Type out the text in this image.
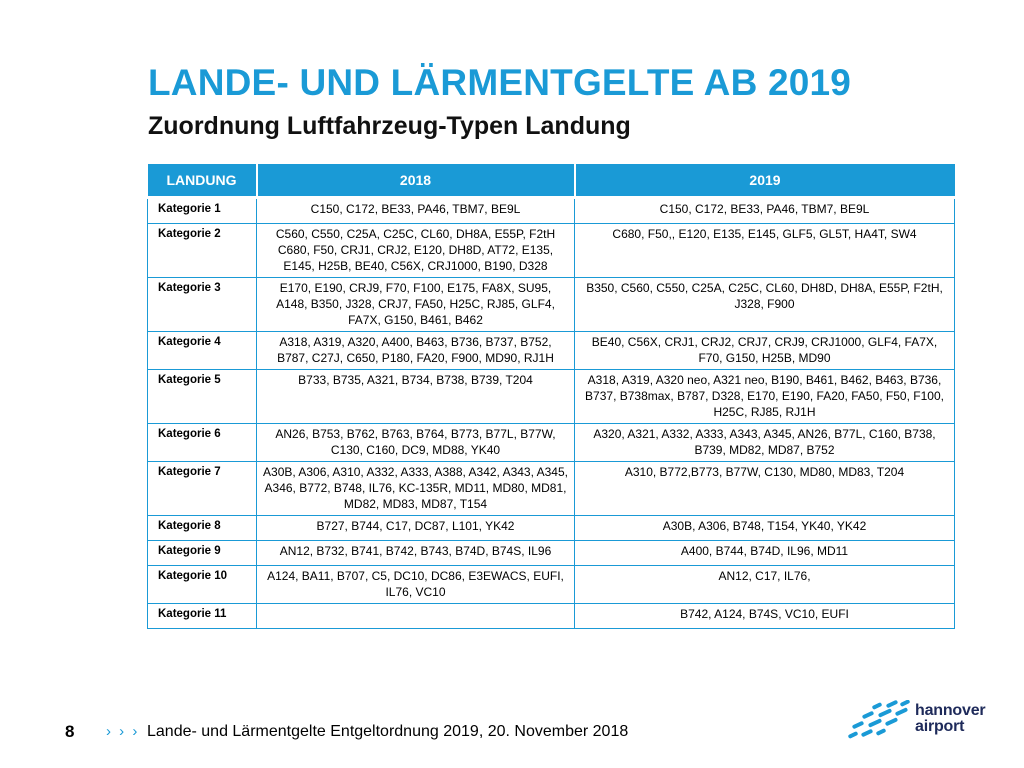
LANDE- UND LÄRMENTGELTE AB 2019
Zuordnung Luftfahrzeug-Typen Landung
LANDUNG	2018	2019
Kategorie 1	C150, C172, BE33, PA46, TBM7, BE9L	C150, C172, BE33, PA46, TBM7, BE9L
Kategorie 2	C560, C550, C25A, C25C, CL60, DH8A, E55P, F2tH C680, F50, CRJ1, CRJ2, E120, DH8D, AT72, E135, E145, H25B, BE40, C56X, CRJ1000, B190, D328	C680, F50,, E120, E135, E145, GLF5, GL5T, HA4T, SW4
Kategorie 3	E170, E190, CRJ9, F70, F100, E175, FA8X, SU95, A148, B350, J328, CRJ7, FA50, H25C, RJ85, GLF4, FA7X, G150, B461, B462	B350, C560, C550, C25A, C25C, CL60, DH8D, DH8A, E55P, F2tH, J328, F900
Kategorie 4	A318, A319, A320, A400, B463, B736, B737, B752, B787, C27J, C650, P180, FA20, F900, MD90, RJ1H	BE40, C56X, CRJ1, CRJ2, CRJ7, CRJ9, CRJ1000, GLF4, FA7X, F70, G150, H25B, MD90
Kategorie 5	B733, B735, A321, B734, B738, B739, T204	A318, A319, A320 neo, A321 neo, B190, B461, B462, B463, B736, B737, B738max, B787, D328, E170, E190, FA20, FA50, F50, F100, H25C, RJ85, RJ1H
Kategorie 6	AN26, B753, B762, B763, B764, B773, B77L, B77W, C130, C160, DC9, MD88, YK40	A320, A321, A332, A333, A343, A345, AN26, B77L, C160, B738, B739, MD82, MD87, B752
Kategorie 7	A30B, A306, A310, A332, A333, A388, A342, A343, A345, A346, B772, B748, IL76, KC-135R, MD11, MD80, MD81, MD82, MD83, MD87, T154	A310, B772,B773, B77W, C130, MD80, MD83, T204
Kategorie 8	B727, B744, C17, DC87, L101, YK42	A30B, A306, B748, T154, YK40, YK42
Kategorie 9	AN12, B732, B741, B742, B743, B74D, B74S, IL96	A400, B744, B74D, IL96, MD11
Kategorie 10	A124, BA11, B707, C5, DC10, DC86, E3EWACS, EUFI, IL76, VC10	AN12, C17, IL76,
Kategorie 11		B742, A124, B74S, VC10, EUFI
8 › › › Lande- und Lärmentgelte Entgeltordnung 2019, 20. November 2018
hannover
airport
